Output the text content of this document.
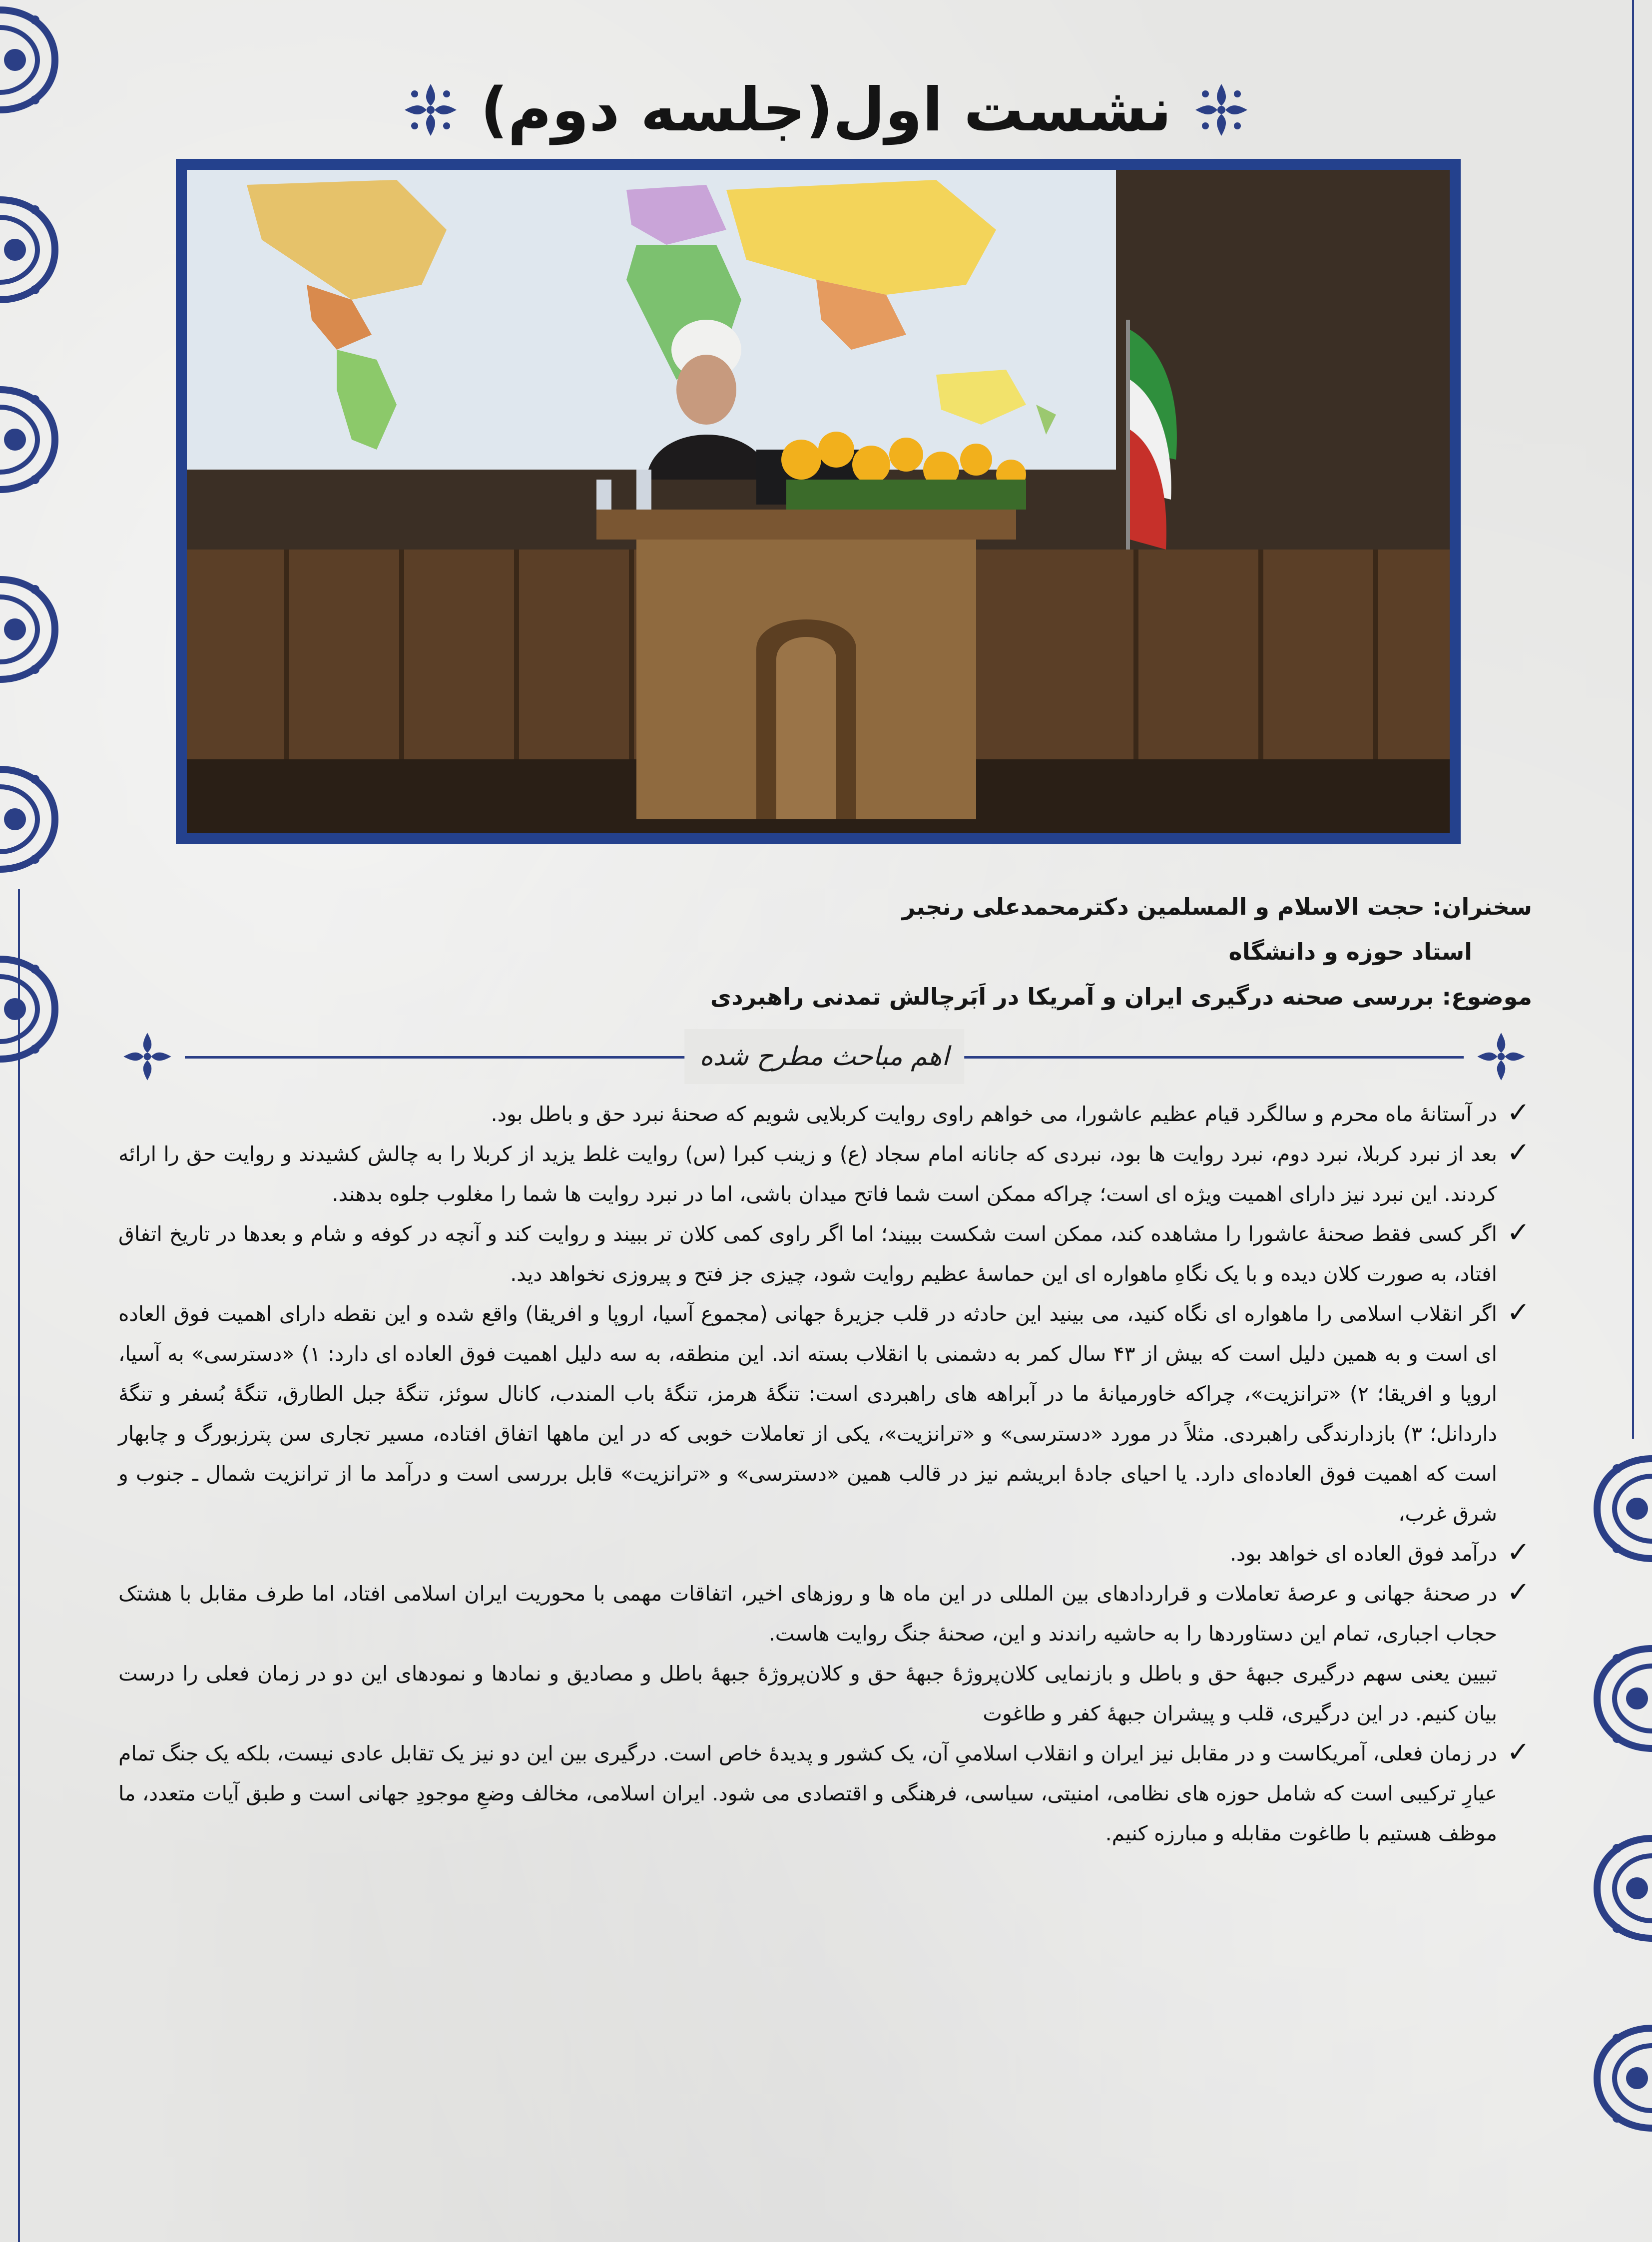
نشست اول(جلسه دوم)
سخنران: حجت الاسلام و المسلمین دکترمحمدعلی رنجبر
استاد حوزه و دانشگاه
موضوع: بررسی صحنه درگیری ایران و آمریکا در اَبَرچالش تمدنی راهبردی
اهم مباحث مطرح شده

✓
در آستانهٔ ماه محرم و سالگرد قیام عظیم عاشورا، می خواهم راوی روایت کربلایی شویم که صحنهٔ نبرد حق و باطل بود.

✓
بعد از نبرد کربلا، نبرد دوم، نبرد روایت ها بود، نبردی که جانانه امام سجاد (ع) و زینب کبرا (س) روایت غلط یزید از کربلا را به چالش کشیدند و روایت حق را ارائه کردند. این نبرد نیز دارای اهمیت ویژه ای است؛ چراکه ممکن است شما فاتح میدان باشی، اما در نبرد روایت ها شما را مغلوب جلوه بدهند.

✓
اگر کسی فقط صحنهٔ عاشورا را مشاهده کند، ممکن است شکست ببیند؛ اما اگر راوی کمی کلان تر ببیند و روایت کند و آنچه در کوفه و شام و بعدها در تاریخ اتفاق افتاد، به صورت کلان دیده و با یک نگاهِ ماهواره ای این حماسهٔ عظیم روایت شود، چیزی جز فتح و پیروزی نخواهد دید.

✓
اگر انقلاب اسلامی را ماهواره ای نگاه کنید، می بینید این حادثه در قلب جزیرهٔ جهانی (مجموع آسیا، اروپا و افریقا) واقع شده و این نقطه دارای اهمیت فوق العاده ای است و به همین دلیل است که بیش از ۴۳ سال کمر به دشمنی با انقلاب بسته اند. این منطقه، به سه دلیل اهمیت فوق العاده ای دارد: ۱) «دسترسی» به آسیا، اروپا و افریقا؛ ۲) «ترانزیت»، چراکه خاورمیانهٔ ما در آبراهه های راهبردی است: تنگهٔ هرمز، تنگهٔ باب المندب، کانال سوئز، تنگهٔ جبل الطارق، تنگهٔ بُسفر و تنگهٔ داردانل؛ ۳) بازدارندگی راهبردی. مثلاً در مورد «دسترسی» و «ترانزیت»، یکی از تعاملات خوبی که در این ماهها اتفاق افتاده، مسیر تجاری سن پترزبورگ و چابهار است که اهمیت فوق العاده‌ای دارد. یا احیای جادهٔ ابریشم نیز در قالب همین «دسترسی» و «ترانزیت» قابل بررسی است و درآمد ما از ترانزیت شمال ـ جنوب و شرق غرب،

✓
درآمد فوق العاده ای خواهد بود.

✓
در صحنهٔ جهانی و عرصهٔ تعاملات و قراردادهای بین المللی در این ماه ها و روزهای اخیر، اتفاقات مهمی با محوریت ایران اسلامی افتاد، اما طرف مقابل با هشتک حجاب اجباری، تمام این دستاوردها را به حاشیه راندند و این، صحنهٔ جنگ روایت هاست.

تبیین یعنی سهم درگیری جبههٔ حق و باطل و بازنمایی کلان‌پروژهٔ جبههٔ حق و کلان‌پروژهٔ جبههٔ باطل و مصادیق و نمادها و نمودهای این دو در زمان فعلی را درست بیان کنیم. در این درگیری، قلب و پیشران جبههٔ کفر و طاغوت

✓
در زمان فعلی، آمریکاست و در مقابل نیز ایران و انقلاب اسلامیِ آن، یک کشور و پدیدهٔ خاص است. درگیری بین این دو نیز یک تقابل عادی نیست، بلکه یک جنگ تمام عیارِ ترکیبی است که شامل حوزه های نظامی، امنیتی، سیاسی، فرهنگی و اقتصادی می شود. ایران اسلامی، مخالف وضعِ موجودِ جهانی است و طبق آیات متعدد، ما موظف هستیم با طاغوت مقابله و مبارزه کنیم.
